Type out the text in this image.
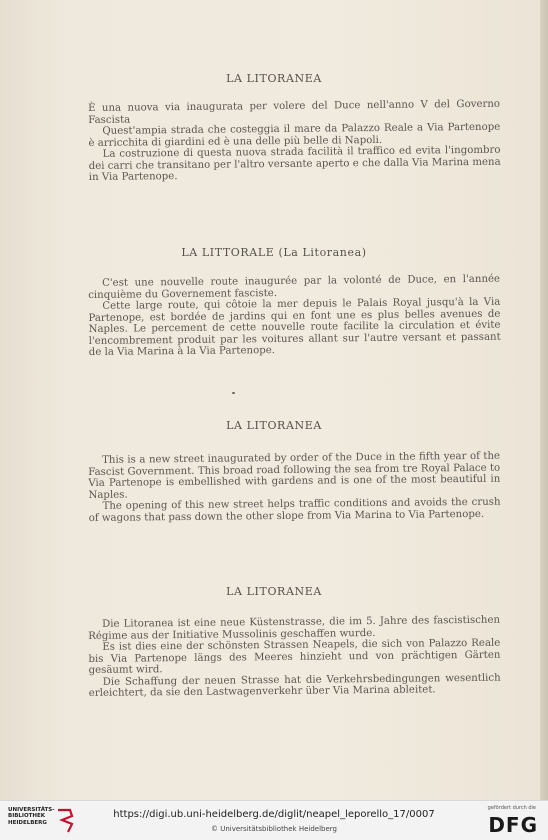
LA LITORANEA
È una nuova via inaugurata per volere del Duce nell'anno V del Governo Fascista
Quest'ampia strada che costeggia il mare da Palazzo Reale a Via Partenope è arricchita di giardini ed è una delle più belle di Napoli.
La costruzione di questa nuova strada facilità il traffico ed evita l'ingombro dei carri che transitano per l'altro versante aperto e che dalla Via Marina mena in Via Partenope.
LA LITTORALE (La Litoranea)
C'est une nouvelle route inaugurée par la volonté de Duce, en l'année cinquième du Governement fasciste.
Cette large route, qui côtoie la mer depuis le Palais Royal jusqu'à la Via Partenope, est bordée de jardins qui en font une es plus belles avenues de Naples. Le percement de cette nouvelle route facilite la circulation et évite l'encombrement produit par les voitures allant sur l'autre versant et passant de la Via Marina à la Via Partenope.
LA LITORANEA
This is a new street inaugurated by order of the Duce in the fifth year of the Fascist Government. This broad road following the sea from tre Royal Palace to Via Partenope is embellished with gardens and is one of the most beautiful in Naples.
The opening of this new street helps traffic conditions and avoids the crush of wagons that pass down the other slope from Via Marina to Via Partenope.
LA LITORANEA
Die Litoranea ist eine neue Küstenstrasse, die im 5. Jahre des fascistischen Régime aus der Initiative Mussolinis geschaffen wurde.
Es ist dies eine der schönsten Strassen Neapels, die sich von Palazzo Reale bis Via Partenope längs des Meeres hinzieht und von prächtigen Gärten gesäumt wird.
Die Schaffung der neuen Strasse hat die Verkehrsbedingungen wesentlich erleichtert, da sie den Lastwagenverkehr über Via Marina ableitet.
UNIVERSITÄTS-
BIBLIOTHEK
HEIDELBERG
https://digi.ub.uni-heidelberg.de/diglit/neapel_leporello_17/0007
© Universitätsbibliothek Heidelberg
gefördert durch die
DFG
